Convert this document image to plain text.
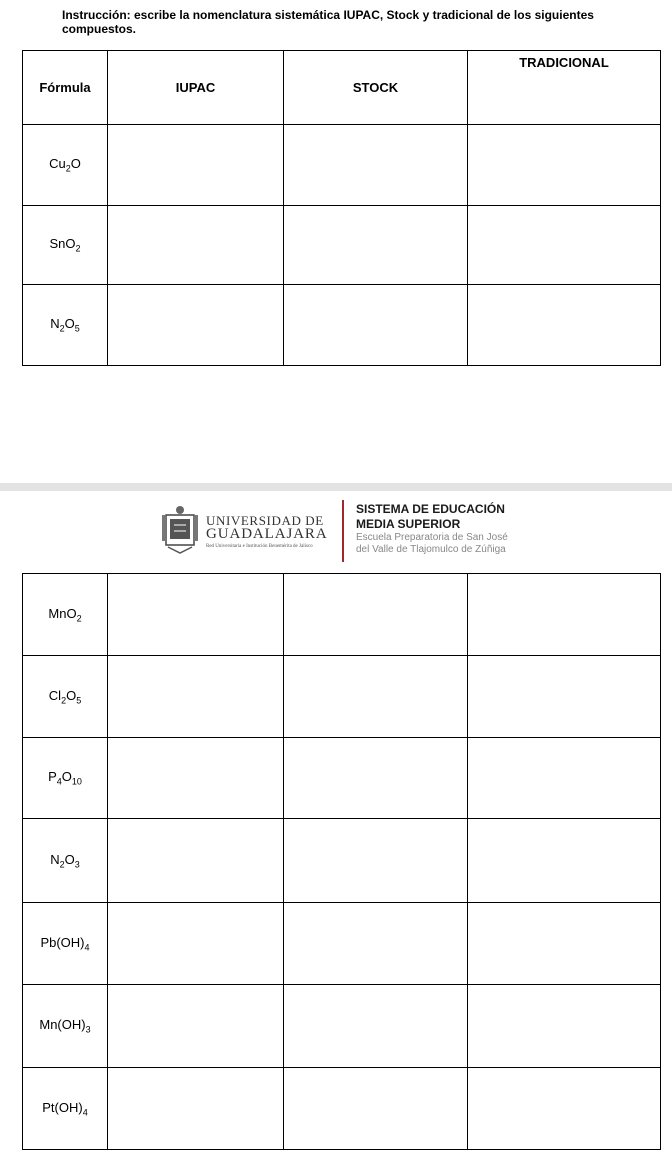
Instrucción: escribe la nomenclatura sistemática IUPAC, Stock y tradicional de los siguientes compuestos.
Fórmula	IUPAC	STOCK	TRADICIONAL
$Cu_2O$			
SnO$_2$			
$N_2O_5$			
UNIVERSIDAD DE
GUADALAJARA
Red Universitaria e Institución Benemérita de Jalisco
SISTEMA DE EDUCACIÓN
MEDIA SUPERIOR
Escuela Preparatoria de San José
del Valle de Tlajomulco de Zúñiga
MnO$_2$			
$Cl_2O_5$			
$P_4O_{10}$			
$N_2O_3$			
$Pb(OH)_4$			
$Mn(OH)_3$			
$Pt(OH)_4$			
